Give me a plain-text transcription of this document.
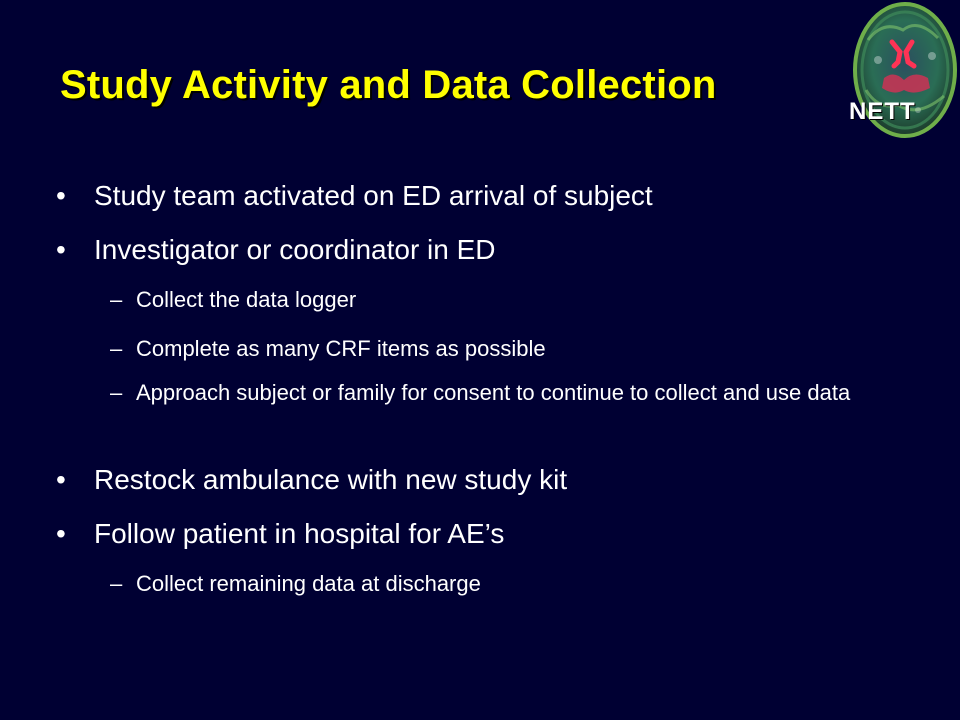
Study Activity and Data Collection
NETT
• Study team activated on ED arrival of subject
• Investigator or coordinator in ED
– Collect the data logger
– Complete as many CRF items as possible
– Approach subject or family for consent to continue to collect and use data
• Restock ambulance with new study kit
• Follow patient in hospital for AE’s
– Collect remaining data at discharge
